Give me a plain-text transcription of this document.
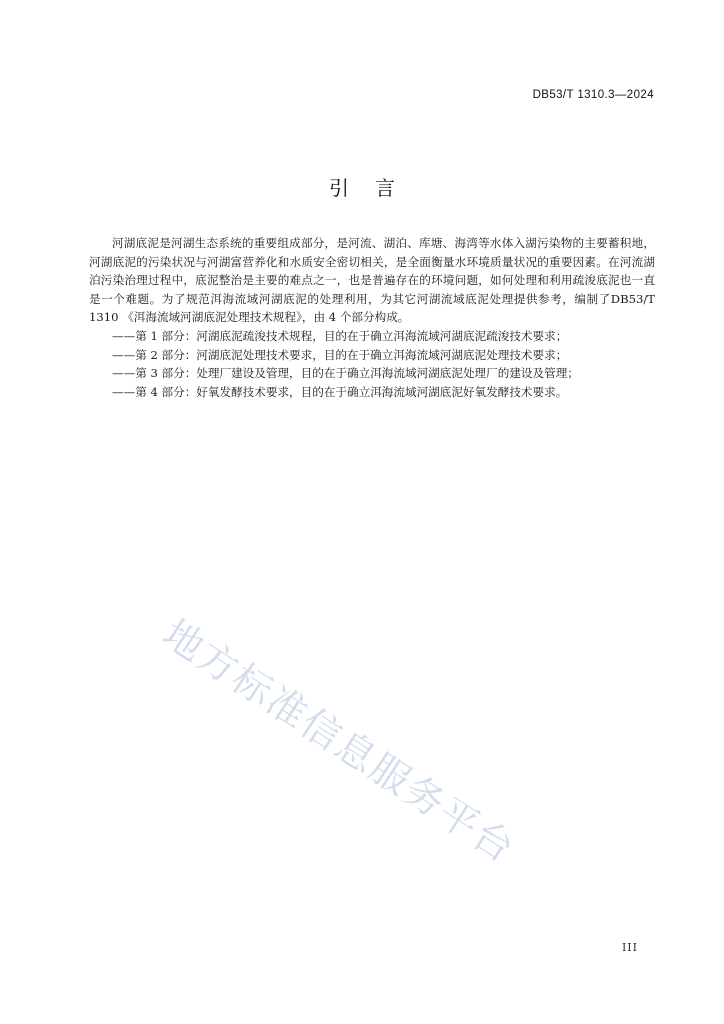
DB53/T 1310.3—2024
引言

河湖底泥是河湖生态系统的重要组成部分，是河流、湖泊、库塘、海湾等水体入湖污染物的主要蓄积地，河湖底泥的污染状况与河湖富营养化和水质安全密切相关，是全面衡量水环境质量状况的重要因素。在河流湖泊污染治理过程中，底泥整治是主要的难点之一，也是普遍存在的环境问题，如何处理和利用疏浚底泥也一直是一个难题。为了规范洱海流域河湖底泥的处理利用，为其它河湖流域底泥处理提供参考，编制了DB53/T 1310 《洱海流域河湖底泥处理技术规程》，由 4 个部分构成。

——第 1 部分：河湖底泥疏浚技术规程，目的在于确立洱海流域河湖底泥疏浚技术要求；

——第 2 部分：河湖底泥处理技术要求，目的在于确立洱海流域河湖底泥处理技术要求；

——第 3 部分：处理厂建设及管理，目的在于确立洱海流域河湖底泥处理厂的建设及管理；

——第 4 部分：好氧发酵技术要求，目的在于确立洱海流域河湖底泥好氧发酵技术要求。

地方标准信息服务平台
III
